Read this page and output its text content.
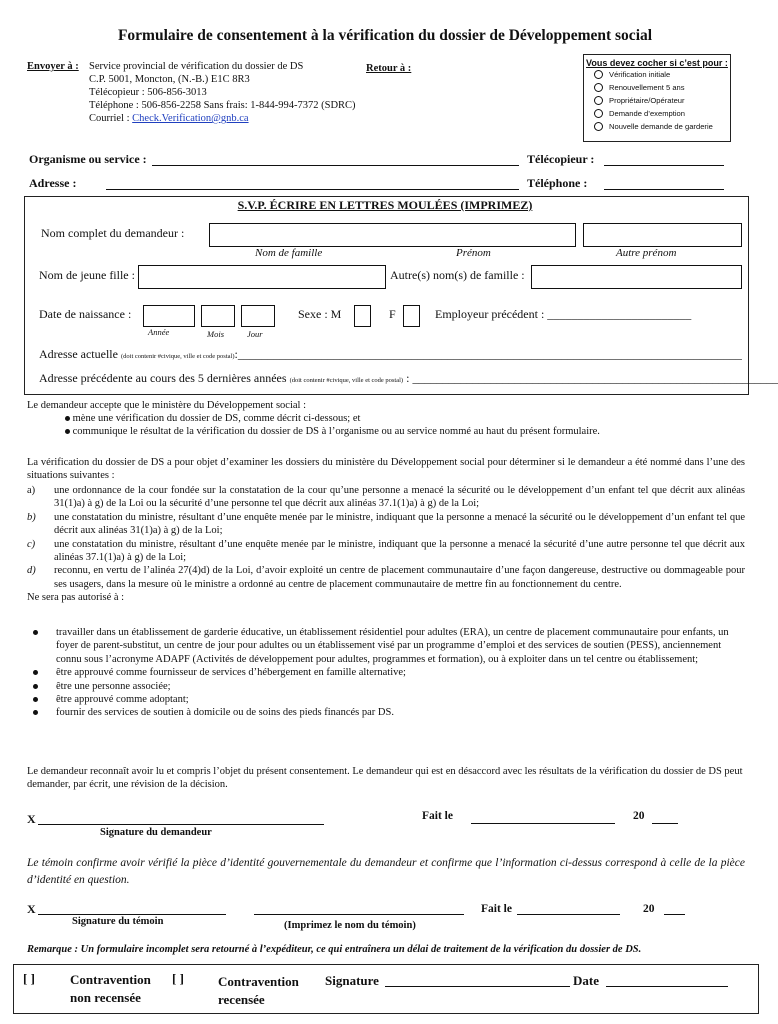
Formulaire de consentement à la vérification du dossier de Développement social
Envoyer à : Service provincial de vérification du dossier de DS
C.P. 5001, Moncton, (N.-B.) E1C 8R3
Télécopieur : 506-856-3013
Téléphone : 506-856-2258 Sans frais: 1-844-994-7372 (SDRC)
Courriel : Check.Verification@gnb.ca
Retour à :	Vous devez cocher si c’est pour :
Vérification initiale
Renouvellement 5 ans
Propriétaire/Opérateur
Demande d’exemption
Nouvelle demande de garderie
Organisme ou service :	Télécopieur :
Adresse :	Téléphone :
S.V.P. ÉCRIRE EN LETTRES MOULÉES (IMPRIMEZ)
Nom complet du demandeur :
Nom de famille	Prénom	Autre prénom
Nom de jeune fille :	Autre(s) nom(s) de famille :
Date de naissance :
Année	Mois	Jour
Sexe : M	F	Employeur précédent : ________________________
Adresse actuelle (doit contenir #civique, ville et code postal):____________________________________________________________________________________
Adresse précédente au cours des 5 dernières années (doit contenir #civique, ville et code postal) : _____________________________________________________________
Le demandeur accepte que le ministère du Développement social :
mène une vérification du dossier de DS, comme décrit ci-dessous; et
communique le résultat de la vérification du dossier de DS à l’organisme ou au service nommé au haut du présent formulaire.
La vérification du dossier de DS a pour objet d’examiner les dossiers du ministère du Développement social pour déterminer si le demandeur a été nommé dans l’une des situations suivantes :
a)	une ordonnance de la cour fondée sur la constatation de la cour qu’une personne a menacé la sécurité ou le développement d’un enfant tel que décrit aux alinéas 31(1)a) à g) de la Loi ou la sécurité d’une personne tel que décrit aux alinéas 37.1(1)a) à g) de la Loi;
b)	une constatation du ministre, résultant d’une enquête menée par le ministre, indiquant que la personne a menacé la sécurité ou le développement d’un enfant tel que décrit aux alinéas 31(1)a) à g) de la Loi;
c)	une constatation du ministre, résultant d’une enquête menée par le ministre, indiquant que la personne a menacé la sécurité d’une autre personne tel que décrit aux alinéas 37.1(1)a) à g) de la Loi;
d)	reconnu, en vertu de l’alinéa 27(4)d) de la Loi, d’avoir exploité un centre de placement communautaire d’une façon dangereuse, destructive ou dommageable pour ses usagers, dans la mesure où le ministre a ordonné au centre de placement communautaire de mettre fin au fonctionnement du centre.
Ne sera pas autorisé à :
travailler dans un établissement de garderie éducative, un établissement résidentiel pour adultes (ERA), un centre de placement communautaire pour enfants, un foyer de parent-substitut, un centre de jour pour adultes ou un établissement visé par un programme d’emploi et des services de soutien (PESS), anciennement connu sous l’acronyme ADAPF (Activités de développement pour adultes, programmes et formation), ou à exploiter dans un tel centre ou établissement;
être approuvé comme fournisseur de services d’hébergement en famille alternative;
être une personne associée;
être approuvé comme adoptant;
fournir des services de soutien à domicile ou de soins des pieds financés par DS.
Le demandeur reconnaît avoir lu et compris l’objet du présent consentement. Le demandeur qui est en désaccord avec les résultats de la vérification du dossier de DS peut demander, par écrit, une révision de la décision.
X
Signature du demandeur
Fait le	20
Le témoin confirme avoir vérifié la pièce d’identité gouvernementale du demandeur et confirme que l’information ci-dessus correspond à celle de la pièce d’identité en question.
X
Signature du témoin	(Imprimez le nom du témoin)
Fait le	20
Remarque : Un formulaire incomplet sera retourné à l’expéditeur, ce qui entraînera un délai de traitement de la vérification du dossier de DS.
[ ]	Contravention
non recensée
[ ]	Contravention
recensée
Signature	Date
